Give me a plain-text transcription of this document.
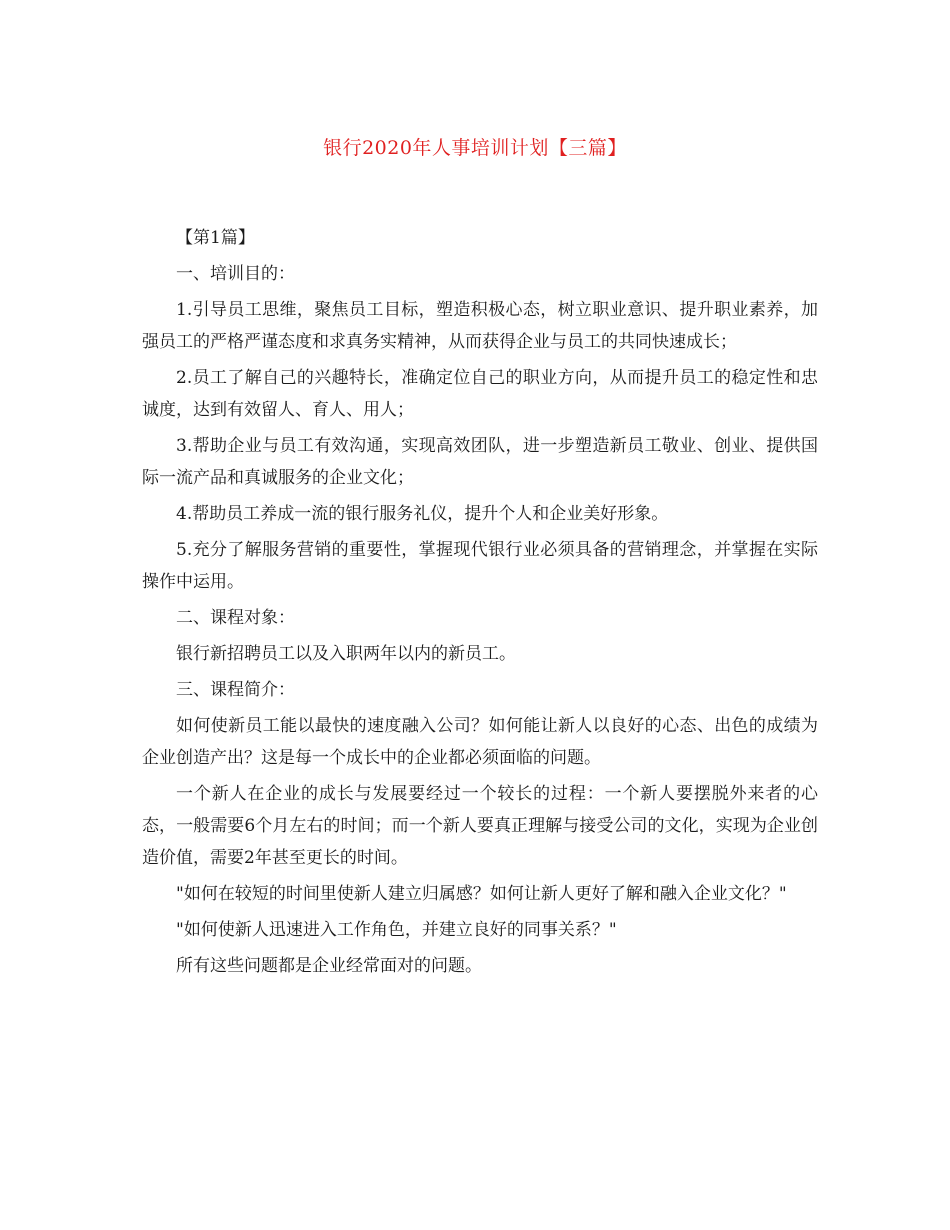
银行2020年人事培训计划【三篇】

【第1篇】

一、培训目的：

1.引导员工思维，聚焦员工目标，塑造积极心态，树立职业意识、提升职业素养，加强员工的严格严谨态度和求真务实精神，从而获得企业与员工的共同快速成长；

2.员工了解自己的兴趣特长，准确定位自己的职业方向，从而提升员工的稳定性和忠诚度，达到有效留人、育人、用人；

3.帮助企业与员工有效沟通，实现高效团队，进一步塑造新员工敬业、创业、提供国际一流产品和真诚服务的企业文化；

4.帮助员工养成一流的银行服务礼仪，提升个人和企业美好形象。

5.充分了解服务营销的重要性，掌握现代银行业必须具备的营销理念，并掌握在实际操作中运用。

二、课程对象：

银行新招聘员工以及入职两年以内的新员工。

三、课程简介：

如何使新员工能以最快的速度融入公司？如何能让新人以良好的心态、出色的成绩为企业创造产出？这是每一个成长中的企业都必须面临的问题。

一个新人在企业的成长与发展要经过一个较长的过程：一个新人要摆脱外来者的心态，一般需要6个月左右的时间；而一个新人要真正理解与接受公司的文化，实现为企业创造价值，需要2年甚至更长的时间。

"如何在较短的时间里使新人建立归属感？如何让新人更好了解和融入企业文化？"

"如何使新人迅速进入工作角色，并建立良好的同事关系？"

所有这些问题都是企业经常面对的问题。
